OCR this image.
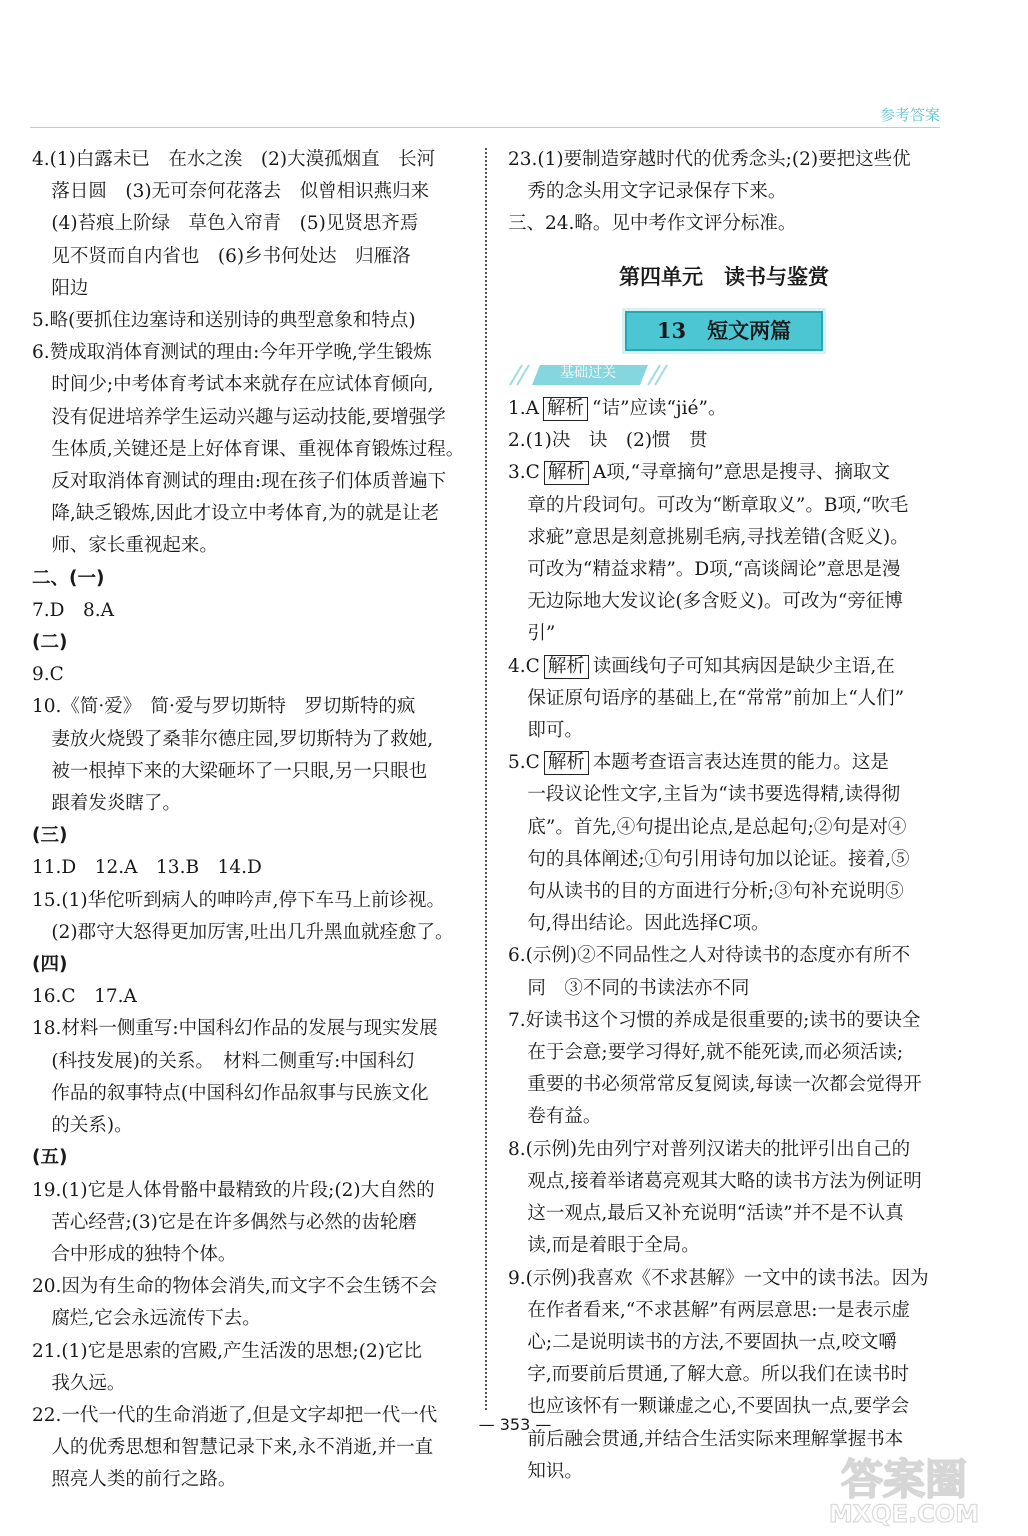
参考答案

4.(1)白露未已　在水之涘　(2)大漠孤烟直　长河

落日圆　(3)无可奈何花落去　似曾相识燕归来

(4)苔痕上阶绿　草色入帘青　(5)见贤思齐焉

见不贤而自内省也　(6)乡书何处达　归雁洛

阳边

5.略(要抓住边塞诗和送别诗的典型意象和特点)

6.赞成取消体育测试的理由:今年开学晚,学生锻炼

时间少;中考体育考试本来就存在应试体育倾向,

没有促进培养学生运动兴趣与运动技能,要增强学

生体质,关键还是上好体育课、重视体育锻炼过程。

反对取消体育测试的理由:现在孩子们体质普遍下

降,缺乏锻炼,因此才设立中考体育,为的就是让老

师、家长重视起来。

二、(一)

7.D　8.A

(二)

9.C

10.《简·爱》　简·爱与罗切斯特　罗切斯特的疯

妻放火烧毁了桑菲尔德庄园,罗切斯特为了救她,

被一根掉下来的大梁砸坏了一只眼,另一只眼也

跟着发炎瞎了。

(三)

11.D　12.A　13.B　14.D

15.(1)华佗听到病人的呻吟声,停下车马上前诊视。

(2)郡守大怒得更加厉害,吐出几升黑血就痊愈了。

(四)

16.C　17.A

18.材料一侧重写:中国科幻作品的发展与现实发展

(科技发展)的关系。　材料二侧重写:中国科幻

作品的叙事特点(中国科幻作品叙事与民族文化

的关系)。

(五)

19.(1)它是人体骨骼中最精致的片段;(2)大自然的

苦心经营;(3)它是在许多偶然与必然的齿轮磨

合中形成的独特个体。

20.因为有生命的物体会消失,而文字不会生锈不会

腐烂,它会永远流传下去。

21.(1)它是思索的宫殿,产生活泼的思想;(2)它比

我久远。

22.一代一代的生命消逝了,但是文字却把一代一代

人的优秀思想和智慧记录下来,永不消逝,并一直

照亮人类的前行之路。

23.(1)要制造穿越时代的优秀念头;(2)要把这些优

秀的念头用文字记录保存下来。

三、24.略。见中考作文评分标准。

第四单元　读书与鉴赏
13　短文两篇
基础过关

1.A 解析 “诘”应读“jié”。

2.(1)决　诀　(2)惯　贯

3.C 解析 A项,“寻章摘句”意思是搜寻、摘取文

章的片段词句。可改为“断章取义”。B项,“吹毛

求疵”意思是刻意挑剔毛病,寻找差错(含贬义)。

可改为“精益求精”。D项,“高谈阔论”意思是漫

无边际地大发议论(多含贬义)。可改为“旁征博

引”

4.C 解析 读画线句子可知其病因是缺少主语,在

保证原句语序的基础上,在“常常”前加上“人们”

即可。

5.C 解析 本题考查语言表达连贯的能力。这是

一段议论性文字,主旨为“读书要选得精,读得彻

底”。首先,④句提出论点,是总起句;②句是对④

句的具体阐述;①句引用诗句加以论证。接着,⑤

句从读书的目的方面进行分析;③句补充说明⑤

句,得出结论。因此选择C项。

6.(示例)②不同品性之人对待读书的态度亦有所不

同　③不同的书读法亦不同

7.好读书这个习惯的养成是很重要的;读书的要诀全

在于会意;要学习得好,就不能死读,而必须活读;

重要的书必须常常反复阅读,每读一次都会觉得开

卷有益。

8.(示例)先由列宁对普列汉诺夫的批评引出自己的

观点,接着举诸葛亮观其大略的读书方法为例证明

这一观点,最后又补充说明“活读”并不是不认真

读,而是着眼于全局。

9.(示例)我喜欢《不求甚解》一文中的读书法。因为

在作者看来,“不求甚解”有两层意思:一是表示虚

心;二是说明读书的方法,不要固执一点,咬文嚼

字,而要前后贯通,了解大意。所以我们在读书时

也应该怀有一颗谦虚之心,不要固执一点,要学会

前后融会贯通,并结合生活实际来理解掌握书本

知识。

— 353 —
答案圈
MXQE.COM
